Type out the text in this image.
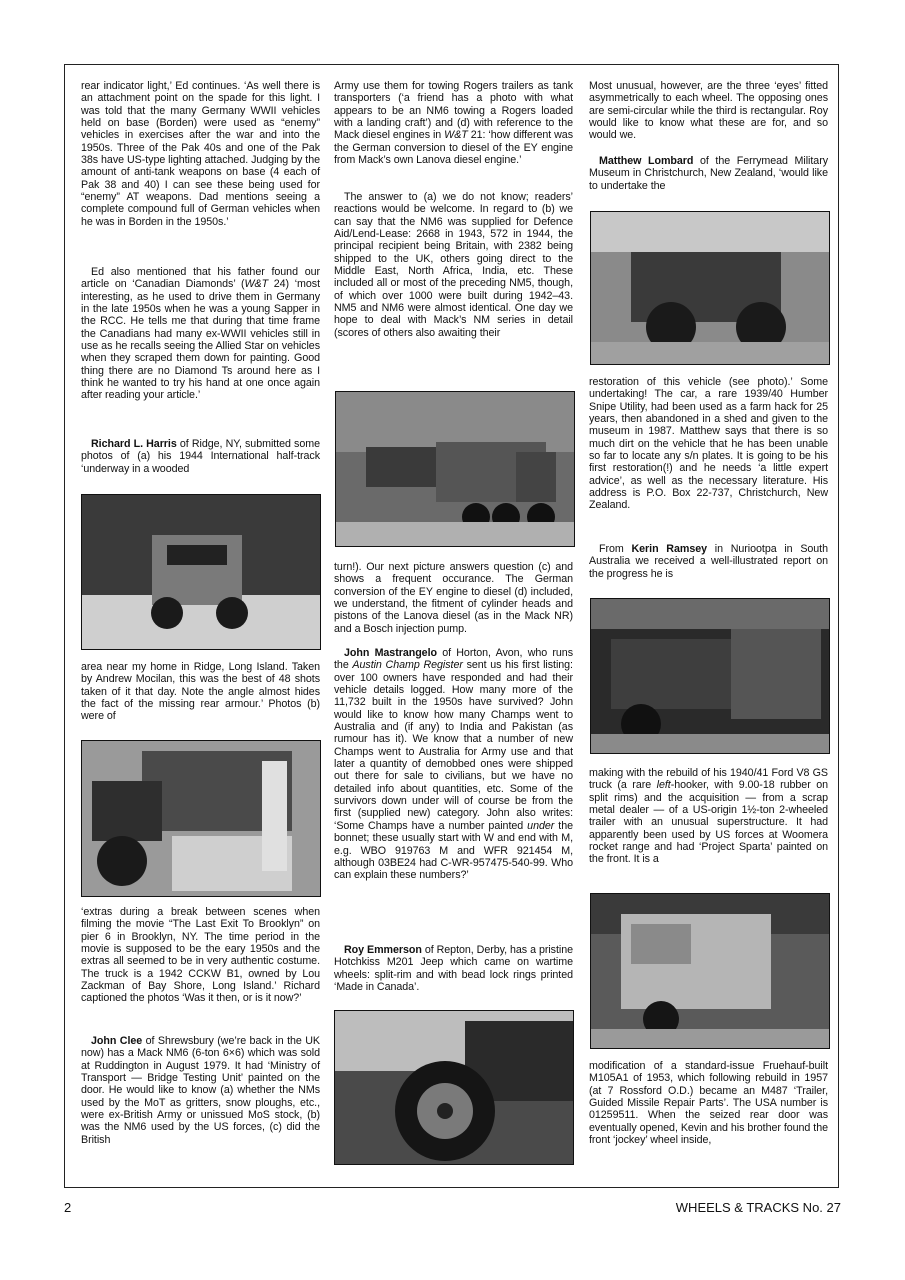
rear indicator light,’ Ed continues. ‘As well there is an attachment point on the spade for this light. I was told that the many Germany WWII vehicles held on base (Borden) were used as “enemy” vehicles in exercises after the war and into the 1950s. Three of the Pak 40s and one of the Pak 38s have US-type lighting attached. Judging by the amount of anti-tank weapons on base (4 each of Pak 38 and 40) I can see these being used for “enemy” AT weapons. Dad mentions seeing a complete compound full of German vehicles when he was in Borden in the 1950s.’

Ed also mentioned that his father found our article on ‘Canadian Diamonds’ (W&T 24) ‘most interesting, as he used to drive them in Germany in the late 1950s when he was a young Sapper in the RCC. He tells me that during that time frame the Canadians had many ex-WWII vehicles still in use as he recalls seeing the Allied Star on vehicles when they scraped them down for painting. Good thing there are no Diamond Ts around here as I think he wanted to try his hand at one once again after reading your article.’

Richard L. Harris of Ridge, NY, submitted some photos of (a) his 1944 International half-track ‘underway in a wooded

area near my home in Ridge, Long Island. Taken by Andrew Mocilan, this was the best of 48 shots taken of it that day. Note the angle almost hides the fact of the missing rear armour.’ Photos (b) were of

‘extras during a break between scenes when filming the movie “The Last Exit To Brooklyn” on pier 6 in Brooklyn, NY. The time period in the movie is supposed to be the eary 1950s and the extras all seemed to be in very authentic costume. The truck is a 1942 CCKW B1, owned by Lou Zackman of Bay Shore, Long Island.’ Richard captioned the photos ‘Was it then, or is it now?’

John Clee of Shrewsbury (we’re back in the UK now) has a Mack NM6 (6-ton 6×6) which was sold at Ruddington in August 1979. It had ‘Ministry of Transport — Bridge Testing Unit’ painted on the door. He would like to know (a) whether the NMs used by the MoT as gritters, snow ploughs, etc., were ex-British Army or unissued MoS stock, (b) was the NM6 used by the US forces, (c) did the British

Army use them for towing Rogers trailers as tank transporters (‘a friend has a photo with what appears to be an NM6 towing a Rogers loaded with a landing craft’) and (d) with reference to the Mack diesel engines in W&T 21: ‘how different was the German conversion to diesel of the EY engine from Mack’s own Lanova diesel engine.’

The answer to (a) we do not know; readers’ reactions would be welcome. In regard to (b) we can say that the NM6 was supplied for Defence Aid/Lend-Lease: 2668 in 1943, 572 in 1944, the principal recipient being Britain, with 2382 being shipped to the UK, others going direct to the Middle East, North Africa, India, etc. These included all or most of the preceding NM5, though, of which over 1000 were built during 1942–43. NM5 and NM6 were almost identical. One day we hope to deal with Mack’s NM series in detail (scores of others also awaiting their

turn!). Our next picture answers question (c) and shows a frequent occurance. The German conversion of the EY engine to diesel (d) included, we understand, the fitment of cylinder heads and pistons of the Lanova diesel (as in the Mack NR) and a Bosch injection pump.

John Mastrangelo of Horton, Avon, who runs the Austin Champ Register sent us his first listing: over 100 owners have responded and had their vehicle details logged. How many more of the 11,732 built in the 1950s have survived? John would like to know how many Champs went to Australia and (if any) to India and Pakistan (as rumour has it). We know that a number of new Champs went to Australia for Army use and that later a quantity of demobbed ones were shipped out there for sale to civilians, but we have no detailed info about quantities, etc. Some of the survivors down under will of course be from the first (supplied new) category. John also writes: ‘Some Champs have a number painted under the bonnet; these usually start with W and end with M, e.g. WBO 919763 M and WFR 921454 M, although 03BE24 had C-WR-957475-540-99. Who can explain these numbers?’

Roy Emmerson of Repton, Derby, has a pristine Hotchkiss M201 Jeep which came on wartime wheels: split-rim and with bead lock rings printed ‘Made in Canada’.

Most unusual, however, are the three ‘eyes’ fitted asymmetrically to each wheel. The opposing ones are semi-circular while the third is rectangular. Roy would like to know what these are for, and so would we.

Matthew Lombard of the Ferrymead Military Museum in Christchurch, New Zealand, ‘would like to undertake the

restoration of this vehicle (see photo).’ Some undertaking! The car, a rare 1939/40 Humber Snipe Utility, had been used as a farm hack for 25 years, then abandoned in a shed and given to the museum in 1987. Matthew says that there is so much dirt on the vehicle that he has been unable so far to locate any s/n plates. It is going to be his first restoration(!) and he needs ‘a little expert advice’, as well as the necessary literature. His address is P.O. Box 22-737, Christchurch, New Zealand.

From Kerin Ramsey in Nuriootpa in South Australia we received a well-illustrated report on the progress he is

making with the rebuild of his 1940/41 Ford V8 GS truck (a rare left-hooker, with 9.00-18 rubber on split rims) and the acquisition — from a scrap metal dealer — of a US-origin 1½-ton 2-wheeled trailer with an unusual superstructure. It had apparently been used by US forces at Woomera rocket range and had ‘Project Sparta’ painted on the front. It is a

modification of a standard-issue Fruehauf-built M105A1 of 1953, which following rebuild in 1957 (at 7 Rossford O.D.) became an M487 ‘Trailer, Guided Missile Repair Parts’. The USA number is 01259511. When the seized rear door was eventually opened, Kevin and his brother found the front ‘jockey’ wheel inside,

2	WHEELS & TRACKS No. 27
